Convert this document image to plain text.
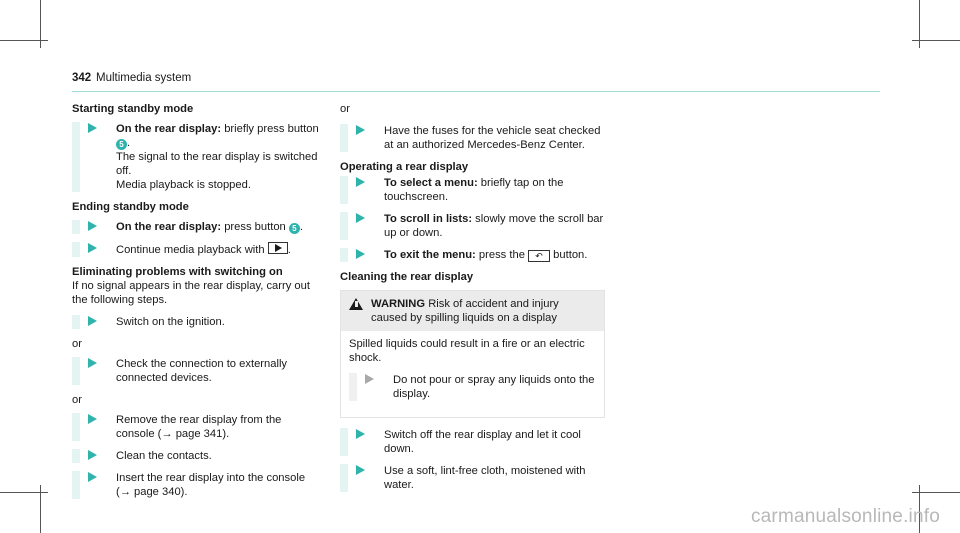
342 Multimedia system
Starting standby mode
On the rear display: briefly press button
5 .
The signal to the rear display is switched off.
Media playback is stopped.
Ending standby mode
On the rear display: press button 5 .
Continue media playback with .
Eliminating problems with switching on
If no signal appears in the rear display, carry out the following steps.
Switch on the ignition.
or
Check the connection to externally connected devices.
or
Remove the rear display from the console (→ page 341).
Clean the contacts.
Insert the rear display into the console (→ page 340).
or
Have the fuses for the vehicle seat checked at an authorized Mercedes-Benz Center.
Operating a rear display
To select a menu: briefly tap on the touchscreen.
To scroll in lists: slowly move the scroll bar up or down.
To exit the menu: press the ↶ button.
Cleaning the rear display
WARNING Risk of accident and injury caused by spilling liquids on a display
Spilled liquids could result in a fire or an electric shock.
Do not pour or spray any liquids onto the display.
Switch off the rear display and let it cool down.
Use a soft, lint-free cloth, moistened with water.
carmanualsonline.info
